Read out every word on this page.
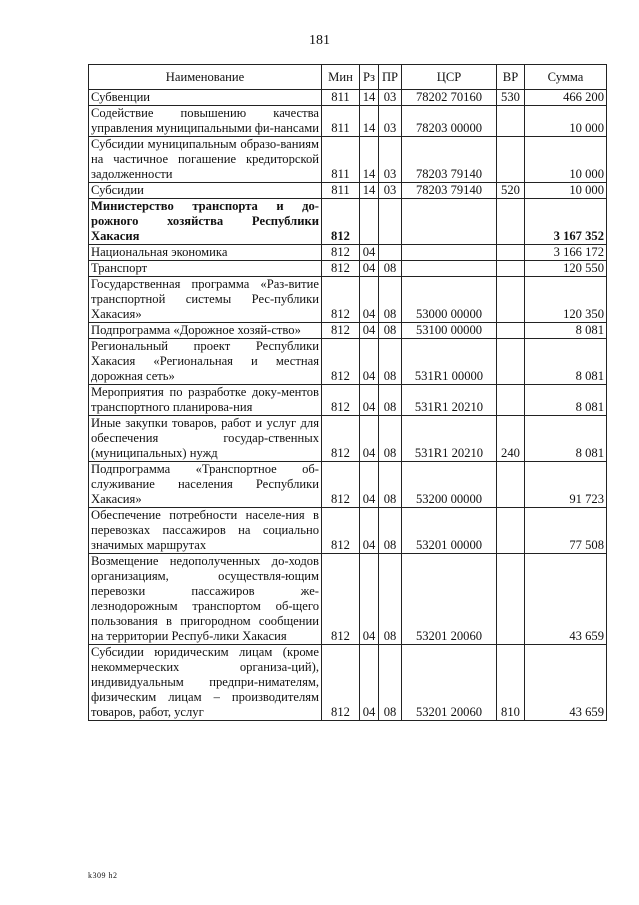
181
Наименование	Мин	Рз	ПР	ЦСР	ВР	Сумма
Субвенции	811	14	03	78202 70160	530	466 200
Содействие повышению качества управления муниципальными фи-нансами	811	14	03	78203 00000		10 000
Субсидии муниципальным образо-ваниям на частичное погашение кредиторской задолженности	811	14	03	78203 79140		10 000
Субсидии	811	14	03	78203 79140	520	10 000
Министерство транспорта и до-рожного хозяйства Республики Хакасия	812					3 167 352
Национальная экономика	812	04				3 166 172
Транспорт	812	04	08			120 550
Государственная программа «Раз-витие транспортной системы Рес-публики Хакасия»	812	04	08	53000 00000		120 350
Подпрограмма «Дорожное хозяй-ство»	812	04	08	53100 00000		8 081
Региональный проект Республики Хакасия «Региональная и местная дорожная сеть»	812	04	08	531R1 00000		8 081
Мероприятия по разработке доку-ментов транспортного планирова-ния	812	04	08	531R1 20210		8 081
Иные закупки товаров, работ и услуг для обеспечения государ-ственных (муниципальных) нужд	812	04	08	531R1 20210	240	8 081
Подпрограмма «Транспортное об-служивание населения Республики Хакасия»	812	04	08	53200 00000		91 723
Обеспечение потребности населе-ния в перевозках пассажиров на социально значимых маршрутах	812	04	08	53201 00000		77 508
Возмещение недополученных до-ходов организациям, осуществля-ющим перевозки пассажиров же-лезнодорожным транспортом об-щего пользования в пригородном сообщении на территории Респуб-лики Хакасия	812	04	08	53201 20060		43 659
Субсидии юридическим лицам (кроме некоммерческих организа-ций), индивидуальным предпри-нимателям, физическим лицам – производителям товаров, работ, услуг	812	04	08	53201 20060	810	43 659
k309 h2
